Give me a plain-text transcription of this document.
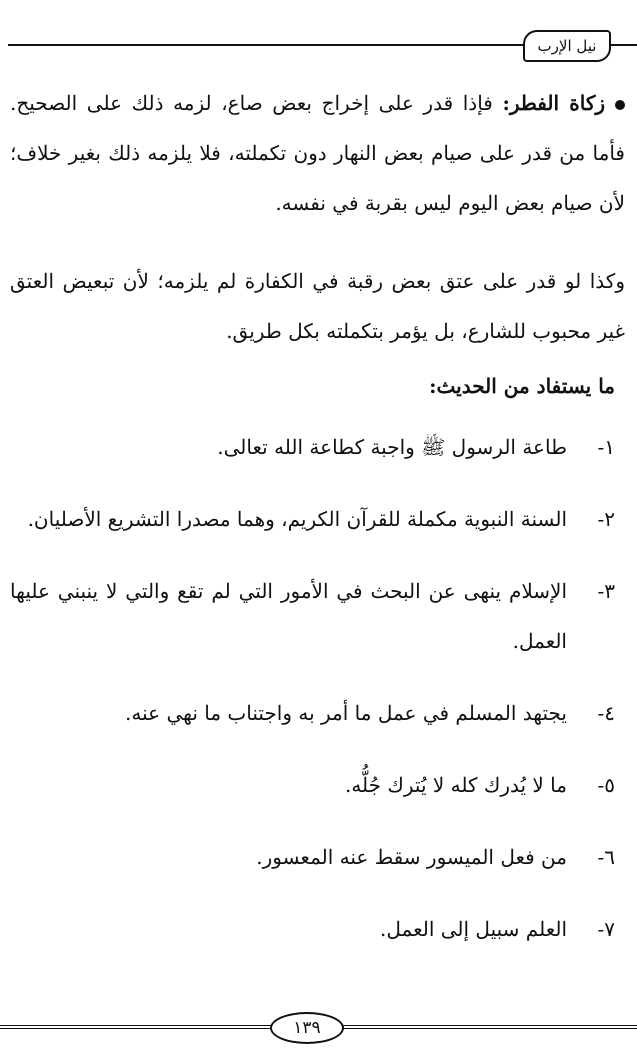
نيل الإرب
زكاة الفطر: فإذا قدر على إخراج بعض صاع، لزمه ذلك على الصحيح. فأما من قدر على صيام بعض النهار دون تكملته، فلا يلزمه ذلك بغير خلاف؛ لأن صيام بعض اليوم ليس بقربة في نفسه.
وكذا لو قدر على عتق بعض رقبة في الكفارة لم يلزمه؛ لأن تبعيض العتق غير محبوب للشارع، بل يؤمر بتكملته بكل طريق.
ما يستفاد من الحديث:
١-
طاعة الرسول ﷺ واجبة كطاعة الله تعالى.
٢-
السنة النبوية مكملة للقرآن الكريم، وهما مصدرا التشريع الأصليان.
٣-
الإسلام ينهى عن البحث في الأمور التي لم تقع والتي لا ينبني عليها العمل.
٤-
يجتهد المسلم في عمل ما أمر به واجتناب ما نهي عنه.
٥-
ما لا يُدرك كله لا يُترك جُلُّه.
٦-
من فعل الميسور سقط عنه المعسور.
٧-
العلم سبيل إلى العمل.
١٣٩
